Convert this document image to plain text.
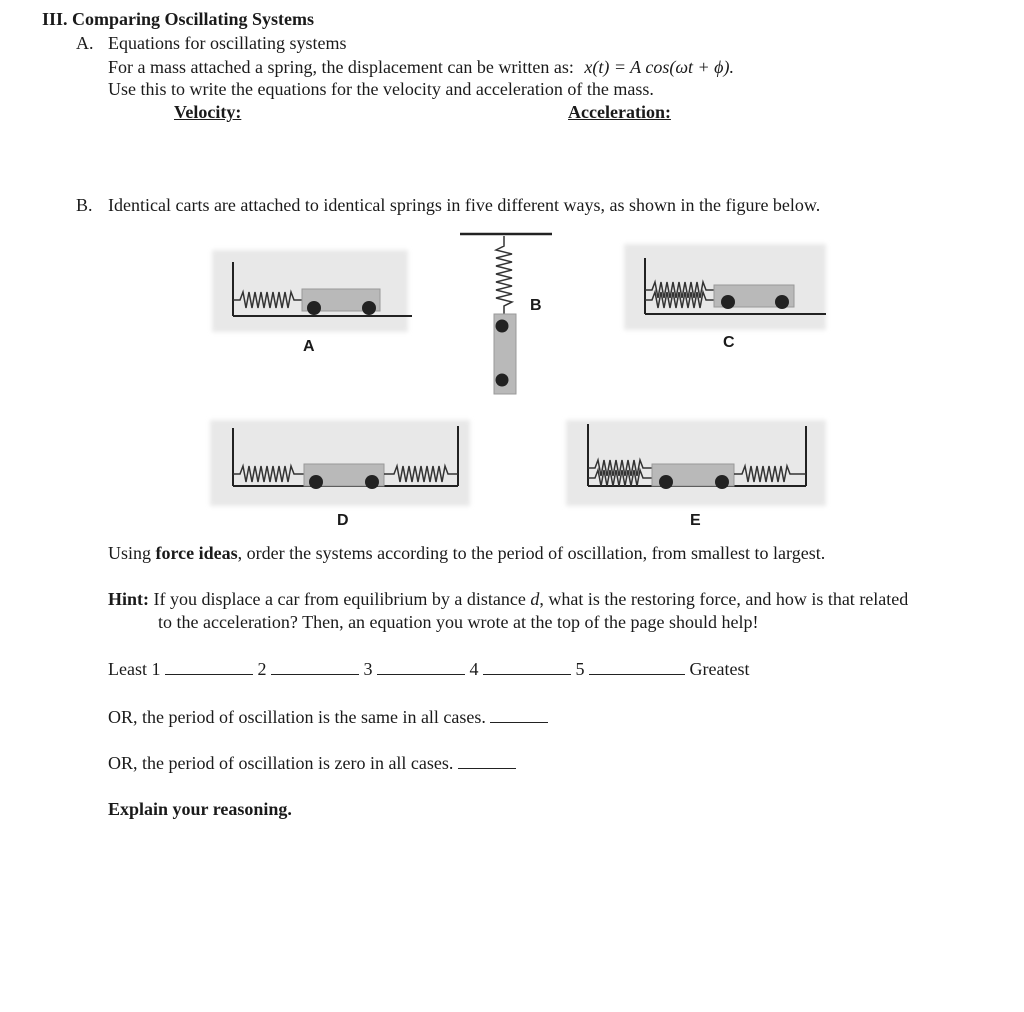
III. Comparing Oscillating Systems
A. Equations for oscillating systems
For a mass attached a spring, the displacement can be written as: x(t) = A cos(ωt + ϕ).
Use this to write the equations for the velocity and acceleration of the mass.
Velocity:	Acceleration:
B. Identical carts are attached to identical springs in five different ways, as shown in the figure below.
A
B
C
D	E
Using force ideas, order the systems according to the period of oscillation, from smallest to largest.
Hint: If you displace a car from equilibrium by a distance d, what is the restoring force, and how is that related
to the acceleration? Then, an equation you wrote at the top of the page should help!
Least 1	2	3	4	5	Greatest
OR, the period of oscillation is the same in all cases.
OR, the period of oscillation is zero in all cases.
Explain your reasoning.
